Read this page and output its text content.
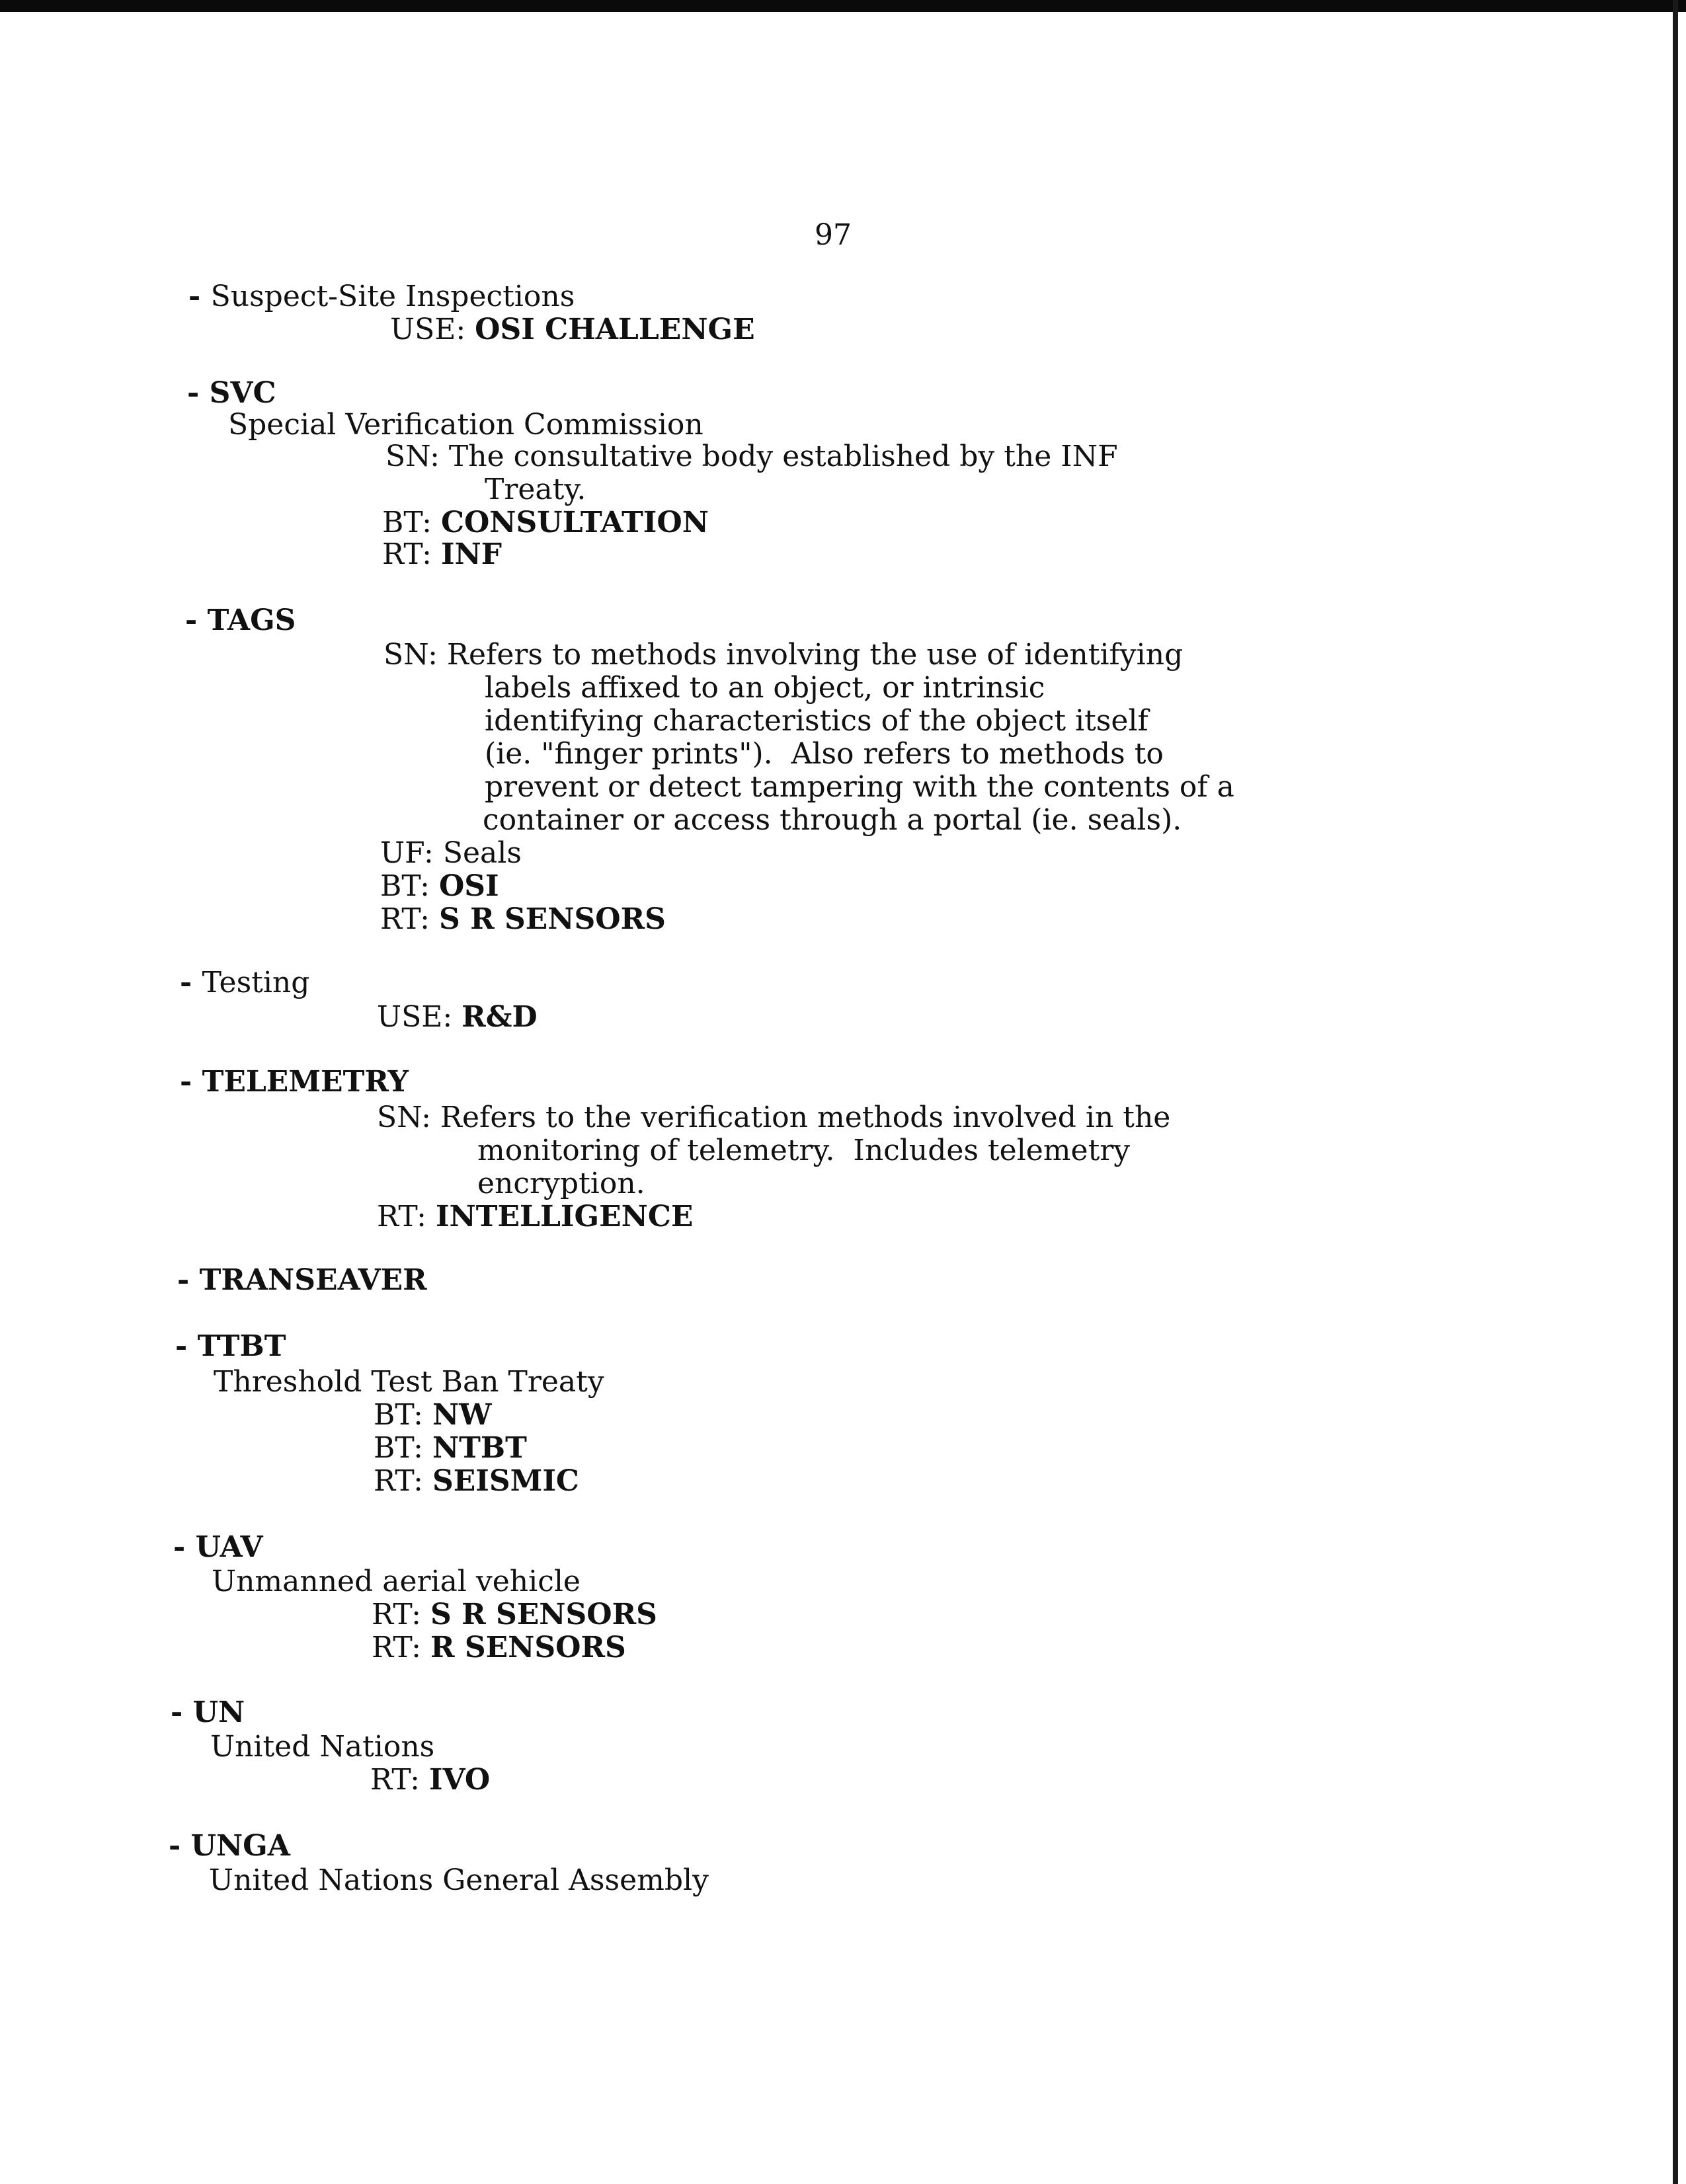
97
- Suspect-Site Inspections
USE: OSI CHALLENGE
- SVC
Special Verification Commission
SN: The consultative body established by the INF
Treaty.
BT: CONSULTATION
RT: INF
- TAGS
SN: Refers to methods involving the use of identifying
labels affixed to an object, or intrinsic
identifying characteristics of the object itself
(ie. "finger prints").  Also refers to methods to
prevent or detect tampering with the contents of a
container or access through a portal (ie. seals).
UF: Seals
BT: OSI
RT: S R SENSORS
- Testing
USE: R&D
- TELEMETRY
SN: Refers to the verification methods involved in the
monitoring of telemetry.  Includes telemetry
encryption.
RT: INTELLIGENCE
- TRANSEAVER
- TTBT
Threshold Test Ban Treaty
BT: NW
BT: NTBT
RT: SEISMIC
- UAV
Unmanned aerial vehicle
RT: S R SENSORS
RT: R SENSORS
- UN
United Nations
RT: IVO
- UNGA
United Nations General Assembly
